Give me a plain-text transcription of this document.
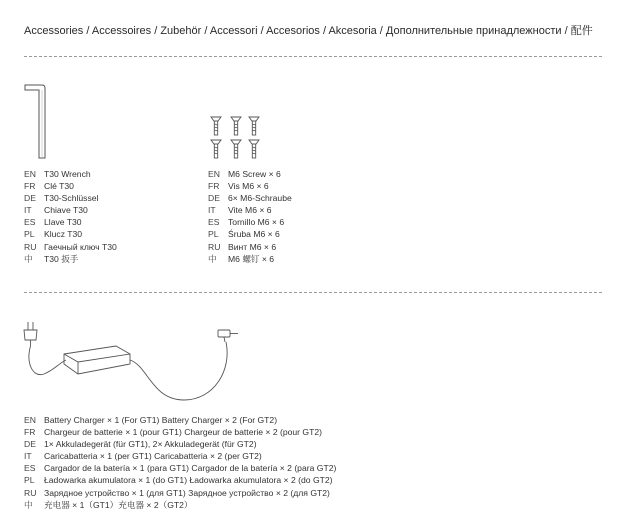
Accessories / Accessoires / Zubehör / Accessori / Accesorios / Akcesoria / Дополнительные принадлежности / 配件
EN T30 Wrench
FR Clé T30
DE T30-Schlüssel
IT Chiave T30
ES Llave T30
PL Klucz T30
RU Гаечный ключ T30
中 T30 扳手
EN M6 Screw × 6
FR Vis M6 × 6
DE 6× M6-Schraube
IT Vite M6 × 6
ES Tornillo M6 × 6
PL Śruba M6 × 6
RU Винт M6 × 6
中 M6 螺钉 × 6
EN Battery Charger × 1 (For GT1) Battery Charger × 2 (For GT2)
FR Chargeur de batterie × 1 (pour GT1) Chargeur de batterie × 2 (pour GT2)
DE 1× Akkuladegerät (für GT1), 2× Akkuladegerät (für GT2)
IT Caricabatteria × 1 (per GT1) Caricabatteria × 2 (per GT2)
ES Cargador de la batería × 1 (para GT1) Cargador de la batería × 2 (para GT2)
PL Ładowarka akumulatora × 1 (do GT1) Ładowarka akumulatora × 2 (do GT2)
RU Зарядное устройство × 1 (для GT1) Зарядное устройство × 2 (для GT2)
中 充电器 × 1（GT1）充电器 × 2（GT2）
